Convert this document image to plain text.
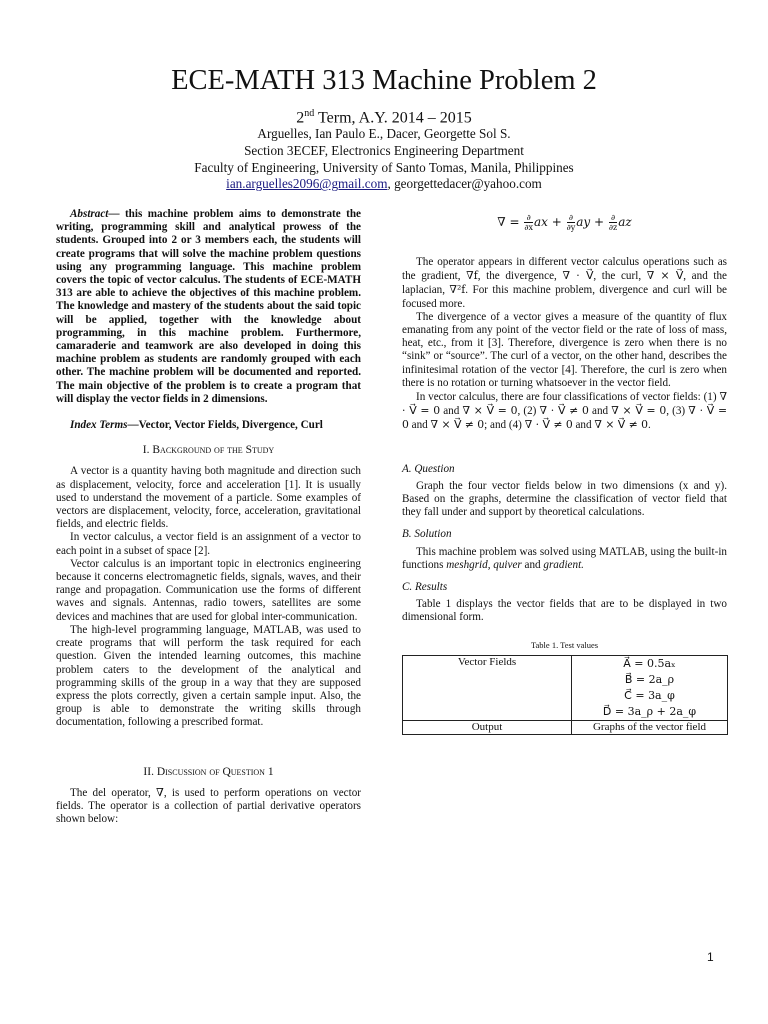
ECE-MATH 313 Machine Problem 2
2nd Term, A.Y. 2014 – 2015
Arguelles, Ian Paulo E., Dacer, Georgette Sol S.
Section 3ECEF, Electronics Engineering Department
Faculty of Engineering, University of Santo Tomas, Manila, Philippines
ian.arguelles2096@gmail.com, georgettedacer@yahoo.com
Abstract— this machine problem aims to demonstrate the writing, programming skill and analytical prowess of the students. Grouped into 2 or 3 members each, the students will create programs that will solve the machine problem questions using any programming language. This machine problem covers the topic of vector calculus. The students of ECE-MATH 313 are able to achieve the objectives of this machine problem. The knowledge and mastery of the students about the said topic will be applied, together with the knowledge about programming, in this machine problem. Furthermore, camaraderie and teamwork are also developed in doing this machine problem as students are randomly grouped with each other. The machine problem will be documented and reported. The main objective of the problem is to create a program that will display the vector fields in 2 dimensions.
Index Terms—Vector, Vector Fields, Divergence, Curl
I. Background of the Study

A vector is a quantity having both magnitude and direction such as displacement, velocity, force and acceleration [1]. It is usually used to understand the movement of a particle. Some examples of vectors are displacement, velocity, force, acceleration, gravitational fields, and electric fields.

In vector calculus, a vector field is an assignment of a vector to each point in a subset of space [2].

Vector calculus is an important topic in electronics engineering because it concerns electromagnetic fields, signals, waves, and their range and propagation. Communication use the forms of different waves and signals. Antennas, radio towers, satellites are some devices and machines that are used for global inter-communication.

The high-level programming language, MATLAB, was used to create programs that will perform the task required for each question. Given the intended learning outcomes, this machine problem caters to the development of the analytical and programming skills of the group in a way that they are supposed express the plots correctly, given a certain sample input. Also, the group is able to demonstrate the writing skills through documentation, following a prescribed format.

II. Discussion of Question 1

The del operator, ∇, is used to perform operations on vector fields. The operator is a collection of partial derivative operators shown below:

∇ = $\frac{\partial}{\partial x}$ ax + $\frac{\partial}{\partial y}$ ay + $\frac{\partial}{\partial z}$ az

The operator appears in different vector calculus operations such as the gradient, ∇f, the divergence, ∇ · V⃗, the curl, ∇ × V⃗, and the laplacian, ∇²f. For this machine problem, divergence and curl will be focused more.

The divergence of a vector gives a measure of the quantity of flux emanating from any point of the vector field or the rate of loss of mass, heat, etc., from it [3]. Therefore, divergence is zero when there is no “sink” or “source”. The curl of a vector, on the other hand, describes the infinitesimal rotation of the vector [4]. Therefore, the curl is zero when there is no rotation or turning whatsoever in the vector field.

In vector calculus, there are four classifications of vector fields: (1) ∇ · V⃗ = 0 and ∇ × V⃗ = 0, (2) ∇ · V⃗ ≠ 0 and ∇ × V⃗ = 0, (3) ∇ · V⃗ = 0 and ∇ × V⃗ ≠ 0; and (4) ∇ · V⃗ ≠ 0 and ∇ × V⃗ ≠ 0.

A. Question

Graph the four vector fields below in two dimensions (x and y). Based on the graphs, determine the classification of vector field that they fall under and support by theoretical calculations.

B. Solution

This machine problem was solved using MATLAB, using the built-in functions meshgrid, quiver and gradient.

C. Results

Table 1 displays the vector fields that are to be displayed in two dimensional form.

Table 1. Test values
Vector Fields	A⃗ = 0.5aₓ
B⃗ = 2a_ρ
C⃗ = 3a_φ
D⃗ = 3a_ρ + 2a_φ

Output	Graphs of the vector field
1
